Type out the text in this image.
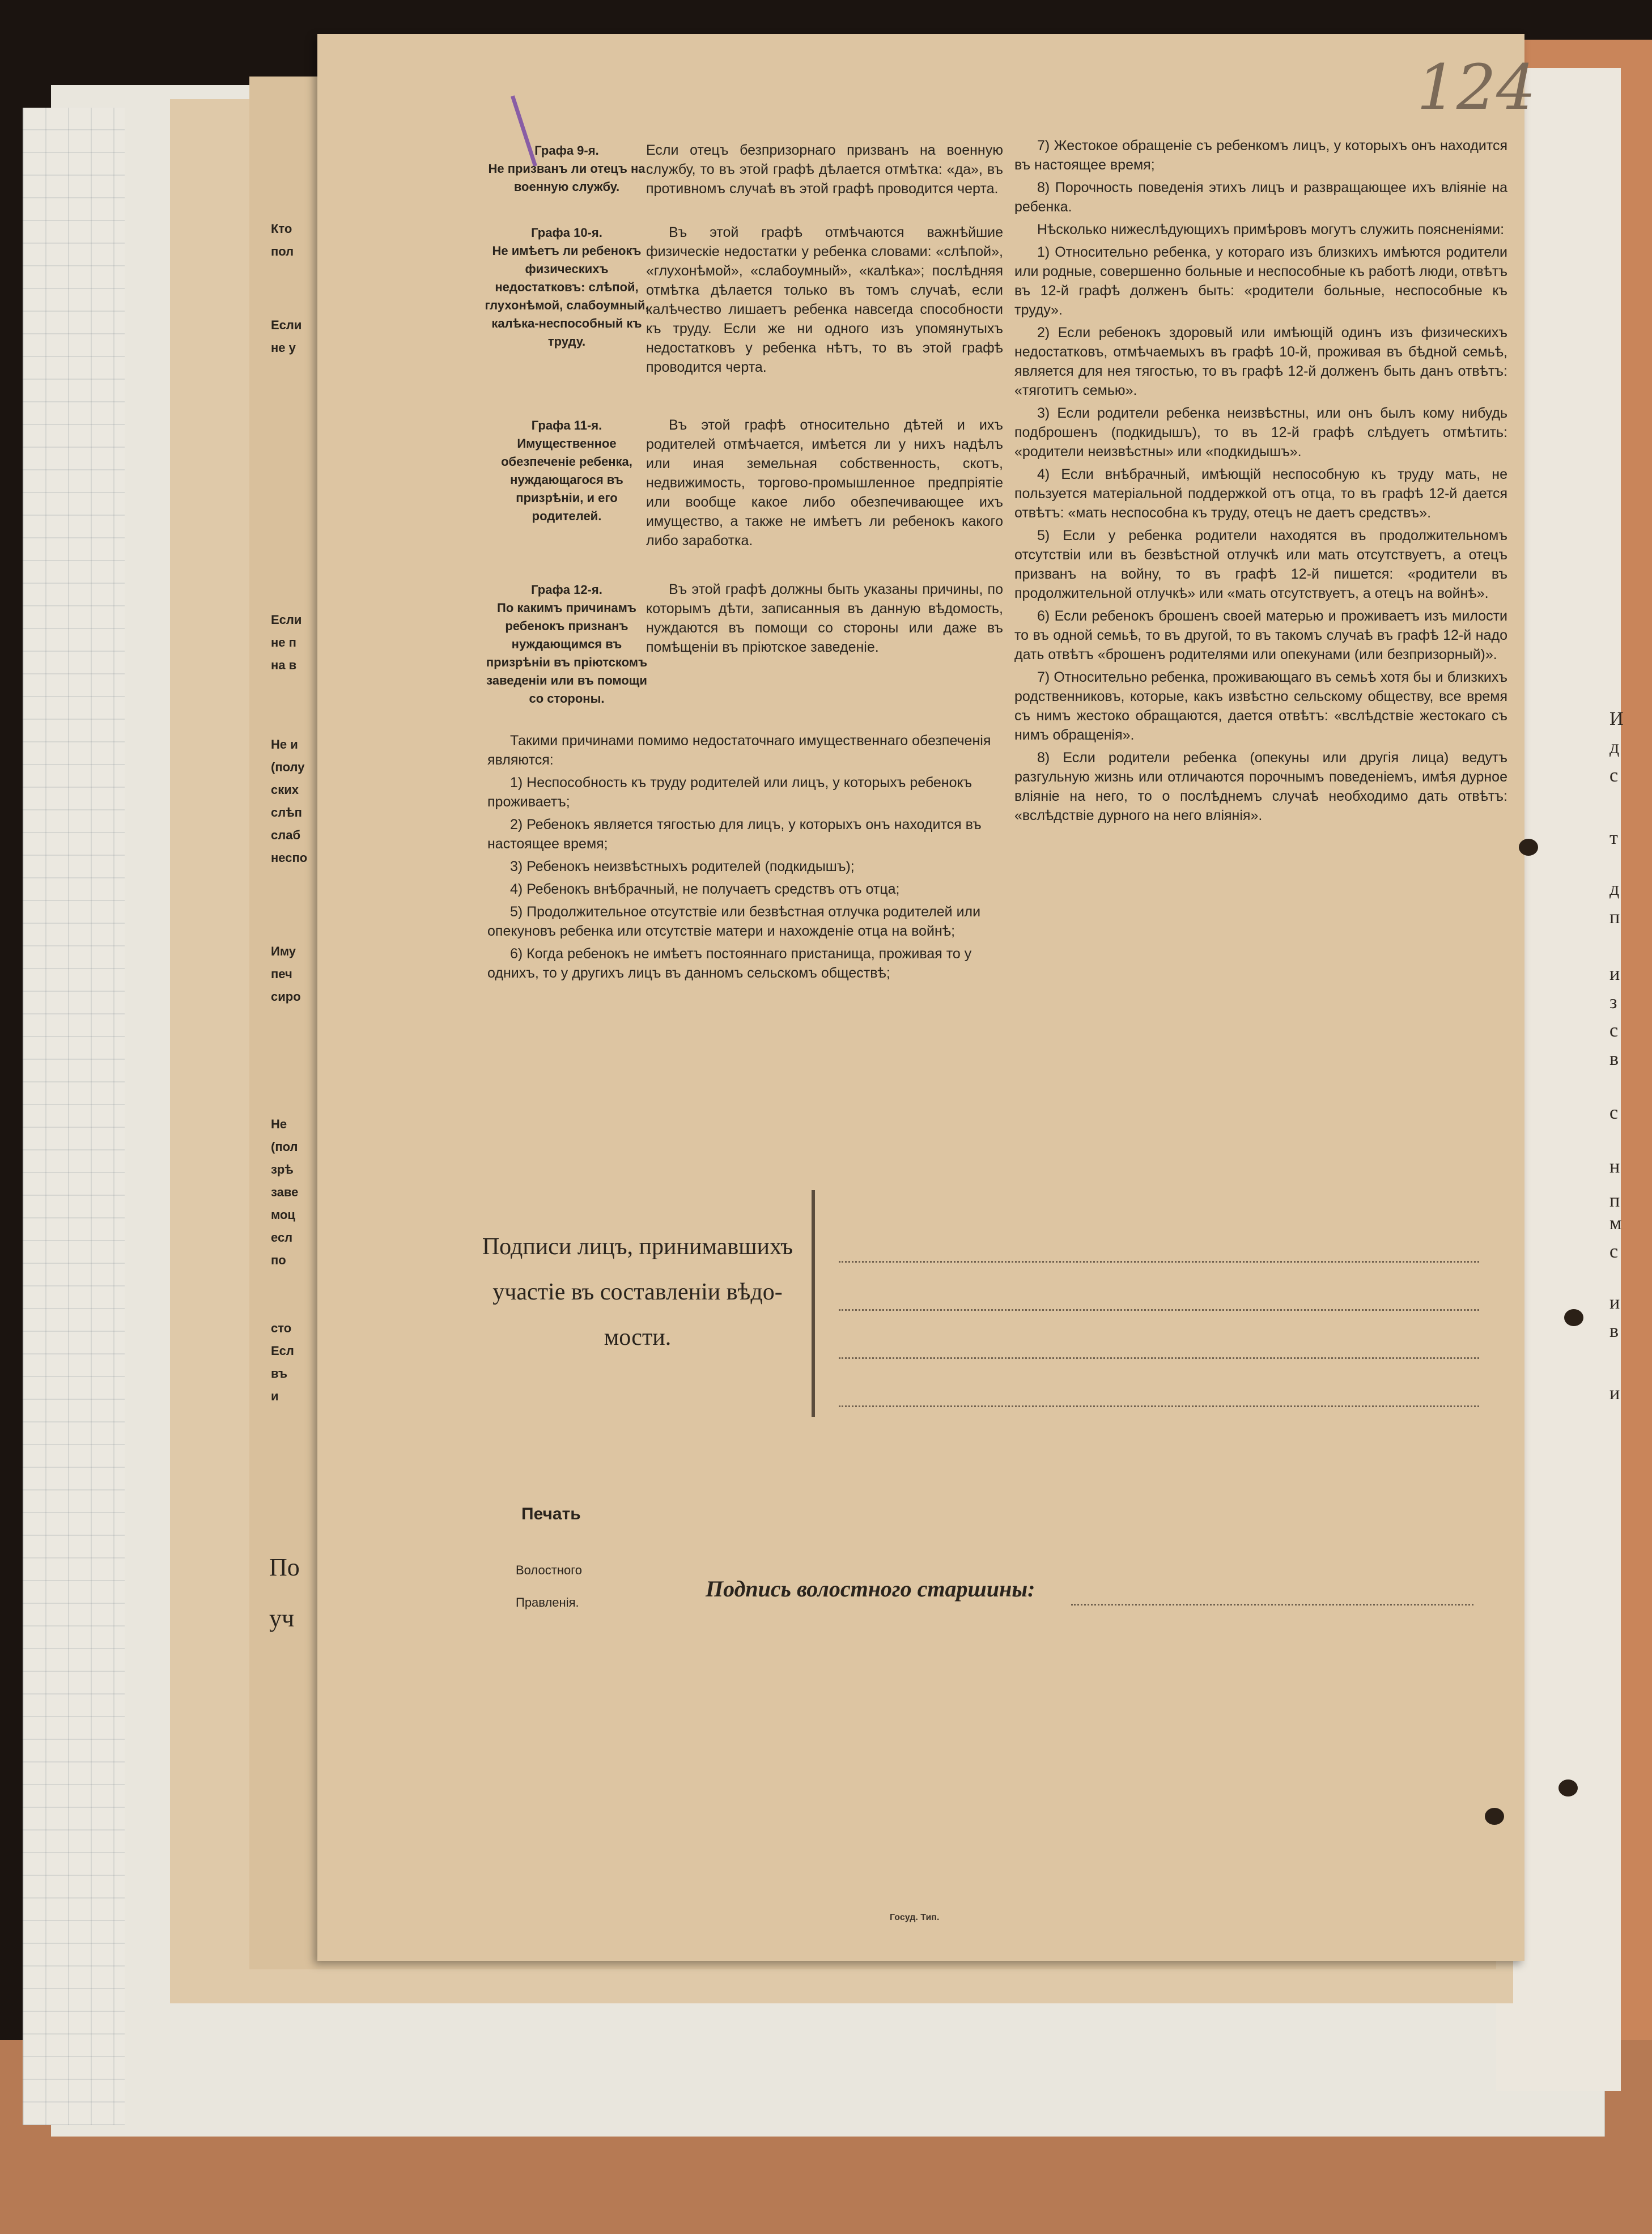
Кто
пол
Если
не у
Если
не п
на в
Не и
(полу
ских
слѣп
слаб
неспо
Иму
печ
сиро
Не
(пол
зрѣ
заве
моц
есл
по
сто
Есл
въ
и
По
уч
И
д
с
т
д
п
и
з
с
в
с
н
п
м
с
и
в
и
124
Графа 9-я.
Не призванъ ли отецъ на военную службу.
Если отецъ безпризорнаго призванъ на военную службу, то въ этой графѣ дѣлается отмѣтка: «да», въ противномъ случаѣ въ этой графѣ проводится черта.
Графа 10-я.
Не имѣетъ ли ребенокъ физическихъ недостатковъ: слѣпой, глухонѣмой, слабоумный, калѣка-неспособный къ труду.
Въ этой графѣ отмѣчаются важнѣйшие физическіе недостатки у ребенка словами: «слѣпой», «глухонѣмой», «слабоумный», «калѣка»; послѣдняя отмѣтка дѣлается только въ томъ случаѣ, если калѣчество лишаетъ ребенка навсегда способности къ труду. Если же ни одного изъ упомянутыхъ недостатковъ у ребенка нѣтъ, то въ этой графѣ проводится черта.
Графа 11-я.
Имущественное обезпеченіе ребенка, нуждающагося въ призрѣніи, и его родителей.
Въ этой графѣ относительно дѣтей и ихъ родителей отмѣчается, имѣется ли у нихъ надѣлъ или иная земельная собственность, скотъ, недвижимость, торгово-промышленное предпріятіе или вообще какое либо обезпечивающее ихъ имущество, а также не имѣетъ ли ребенокъ какого либо заработка.
Графа 12-я.
По какимъ причинамъ ребенокъ признанъ нуждающимся въ призрѣніи въ пріютскомъ заведеніи или въ помощи со стороны.
Въ этой графѣ должны быть указаны причины, по которымъ дѣти, записанныя въ данную вѣдомость, нуждаются въ помощи со стороны или даже въ помѣщеніи въ пріютское заведеніе.

Такими причинами помимо недостаточнаго имущественнаго обезпеченія являются:

1) Неспособность къ труду родителей или лицъ, у которыхъ ребенокъ проживаетъ;

2) Ребенокъ является тягостью для лицъ, у которыхъ онъ находится въ настоящее время;

3) Ребенокъ неизвѣстныхъ родителей (подкидышъ);

4) Ребенокъ внѣбрачный, не получаетъ средствъ отъ отца;

5) Продолжительное отсутствіе или безвѣстная отлучка родителей или опекуновъ ребенка или отсутствіе матери и нахожденіе отца на войнѣ;

6) Когда ребенокъ не имѣетъ постояннаго пристанища, проживая то у однихъ, то у другихъ лицъ въ данномъ сельскомъ обществѣ;

7) Жестокое обращеніе съ ребенкомъ лицъ, у которыхъ онъ находится въ настоящее время;

8) Порочность поведенія этихъ лицъ и развращающее ихъ вліяніе на ребенка.

Нѣсколько нижеслѣдующихъ примѣровъ могутъ служить поясненіями:

1) Относительно ребенка, у котораго изъ близкихъ имѣются родители или родные, совершенно больные и неспособные къ работѣ люди, отвѣтъ въ 12-й графѣ долженъ быть: «родители больные, неспособные къ труду».

2) Если ребенокъ здоровый или имѣющій одинъ изъ физическихъ недостатковъ, отмѣчаемыхъ въ графѣ 10-й, проживая въ бѣдной семьѣ, является для нея тягостью, то въ графѣ 12-й долженъ быть данъ отвѣтъ: «тяготитъ семью».

3) Если родители ребенка неизвѣстны, или онъ былъ кому нибудь подброшенъ (подкидышъ), то въ 12-й графѣ слѣдуетъ отмѣтить: «родители неизвѣстны» или «подкидышъ».

4) Если внѣбрачный, имѣющій неспособную къ труду мать, не пользуется матеріальной поддержкой отъ отца, то въ графѣ 12-й дается отвѣтъ: «мать неспособна къ труду, отецъ не даетъ средствъ».

5) Если у ребенка родители находятся въ продолжительномъ отсутствіи или въ безвѣстной отлучкѣ или мать отсутствуетъ, а отецъ призванъ на войну, то въ графѣ 12-й пишется: «родители въ продолжительной отлучкѣ» или «мать отсутствуетъ, а отецъ на войнѣ».

6) Если ребенокъ брошенъ своей матерью и проживаетъ изъ милости то въ одной семьѣ, то въ другой, то въ такомъ случаѣ въ графѣ 12-й надо дать отвѣтъ «брошенъ родителями или опекунами (или безпризорный)».

7) Относительно ребенка, проживающаго въ семьѣ хотя бы и близкихъ родственниковъ, которые, какъ извѣстно сельскому обществу, все время съ нимъ жестоко обращаются, дается отвѣтъ: «вслѣдствіе жестокаго съ нимъ обращенія».

8) Если родители ребенка (опекуны или другія лица) ведутъ разгульную жизнь или отличаются порочнымъ поведеніемъ, имѣя дурное вліяніе на него, то о послѣднемъ случаѣ необходимо дать отвѣтъ: «вслѣдствіе дурного на него вліянія».

Подписи лицъ, принимавшихъ
участіе въ составленіи вѣдо-
мости.
Печать
Волостного
Правленія.
Подпись волостного старшины:
Госуд. Тип.
